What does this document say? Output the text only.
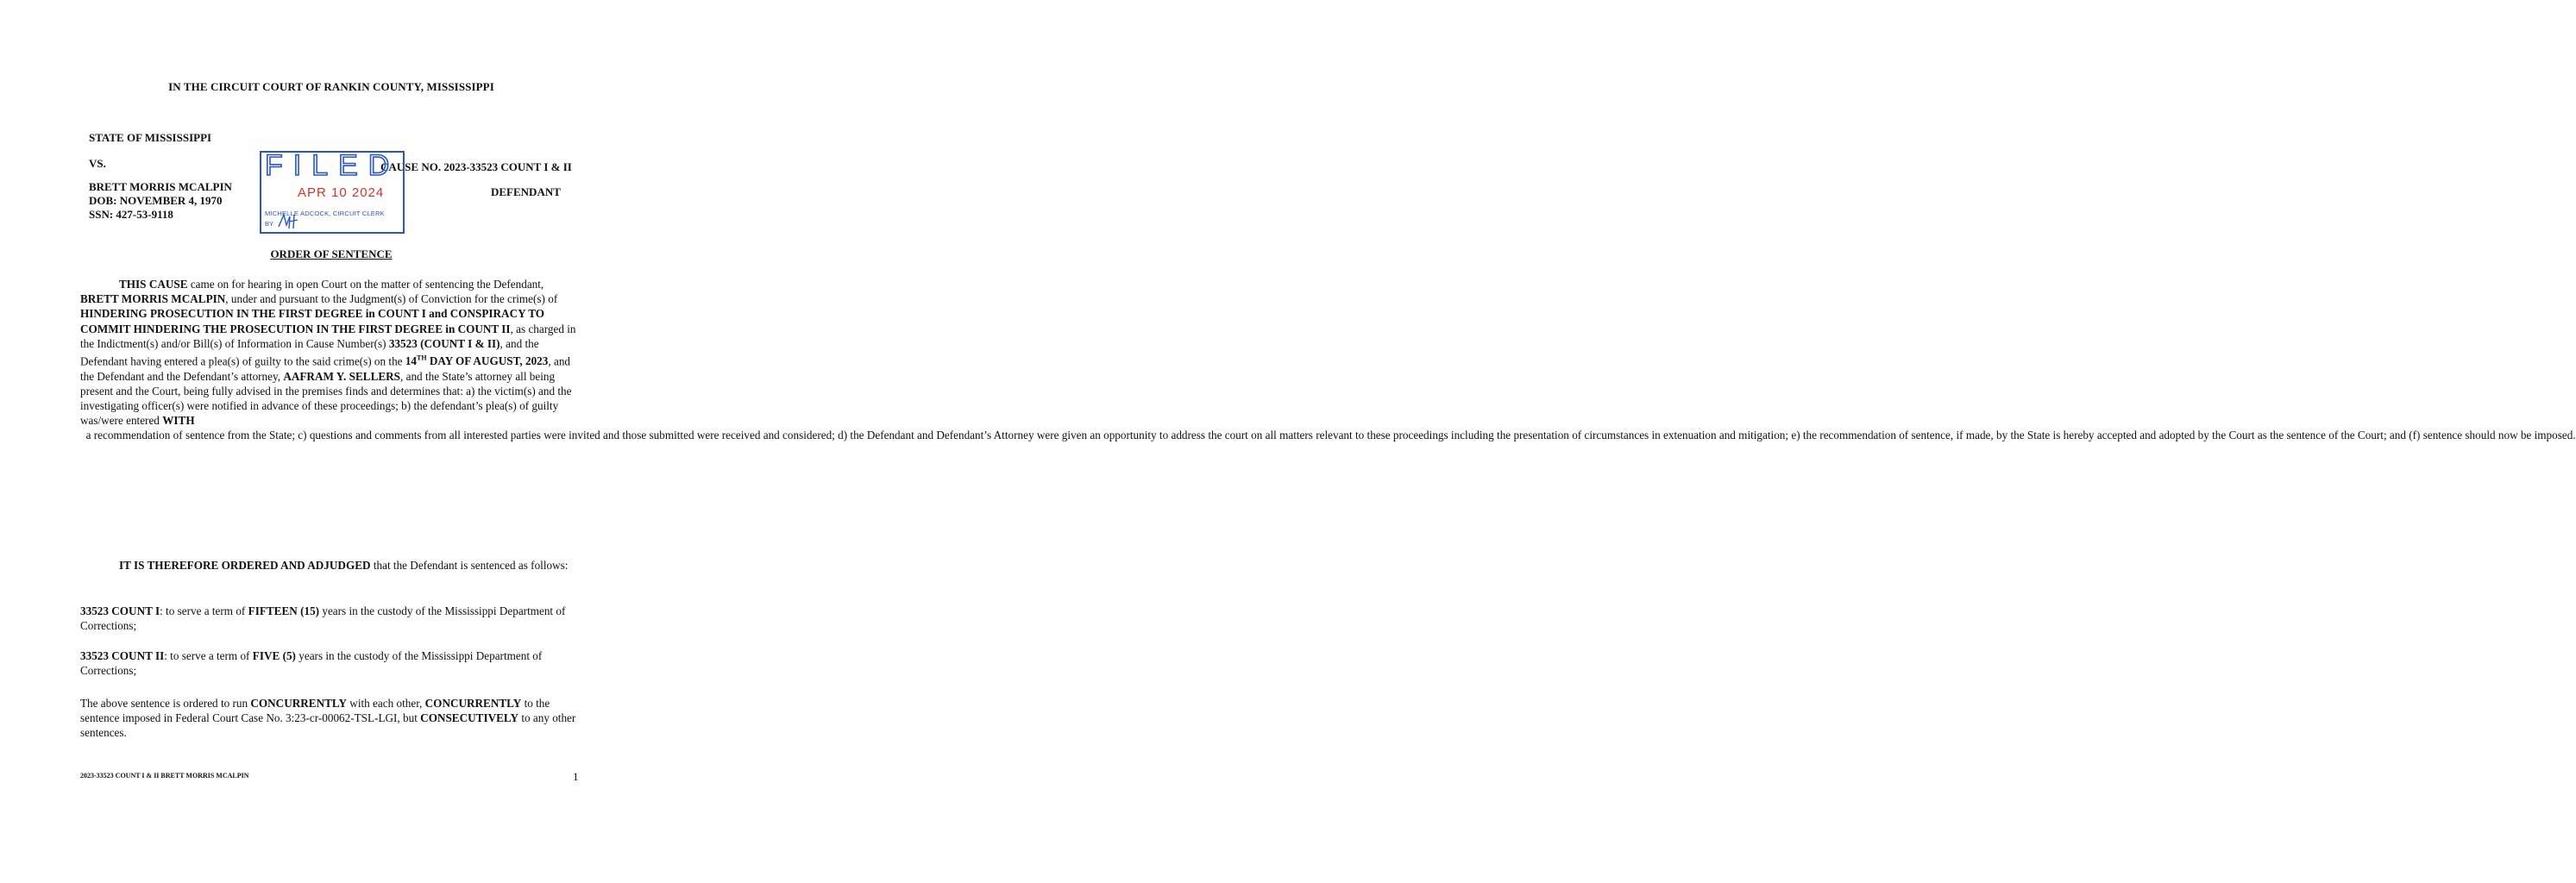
IN THE CIRCUIT COURT OF RANKIN COUNTY, MISSISSIPPI
STATE OF MISSISSIPPI
VS.
BRETT MORRIS MCALPIN
DOB: NOVEMBER 4, 1970
SSN: 427-53-9118
CAUSE NO. 2023-33523 COUNT I & II
DEFENDANT
FILED
APR 10 2024
MICHELLE ADCOCK, CIRCUIT CLERK
BY
ORDER OF SENTENCE
THIS CAUSE came on for hearing in open Court on the matter of sentencing the Defendant, BRETT MORRIS MCALPIN, under and pursuant to the Judgment(s) of Conviction for the crime(s) of HINDERING PROSECUTION IN THE FIRST DEGREE in COUNT I and CONSPIRACY TO COMMIT HINDERING THE PROSECUTION IN THE FIRST DEGREE in COUNT II, as charged in the Indictment(s) and/or Bill(s) of Information in Cause Number(s) 33523 (COUNT I & II), and the Defendant having entered a plea(s) of guilty to the said crime(s) on the 14TH DAY OF AUGUST, 2023, and the Defendant and the Defendant’s attorney, AAFRAM Y. SELLERS, and the State’s attorney all being present and the Court, being fully advised in the premises finds and determines that: a) the victim(s) and the investigating officer(s) were notified in advance of these proceedings; b) the defendant’s plea(s) of guilty was/were entered WITH  a recommendation of sentence from the State; c) questions and comments from all interested parties were invited and those submitted were received and considered; d) the Defendant and Defendant’s Attorney were given an opportunity to address the court on all matters relevant to these proceedings including the presentation of circumstances in extenuation and mitigation; e) the recommendation of sentence, if made, by the State is hereby accepted and adopted by the Court as the sentence of the Court; and (f) sentence should now be imposed.
IT IS THEREFORE ORDERED AND ADJUDGED that the Defendant is sentenced as follows:
33523 COUNT I: to serve a term of FIFTEEN (15) years in the custody of the Mississippi Department of Corrections;
33523 COUNT II: to serve a term of FIVE (5) years in the custody of the Mississippi Department of Corrections;
The above sentence is ordered to run CONCURRENTLY with each other, CONCURRENTLY to the sentence imposed in Federal Court Case No. 3:23-cr-00062-TSL-LGI, but CONSECUTIVELY to any other sentences.
2023-33523 COUNT I & II BRETT MORRIS MCALPIN	1
